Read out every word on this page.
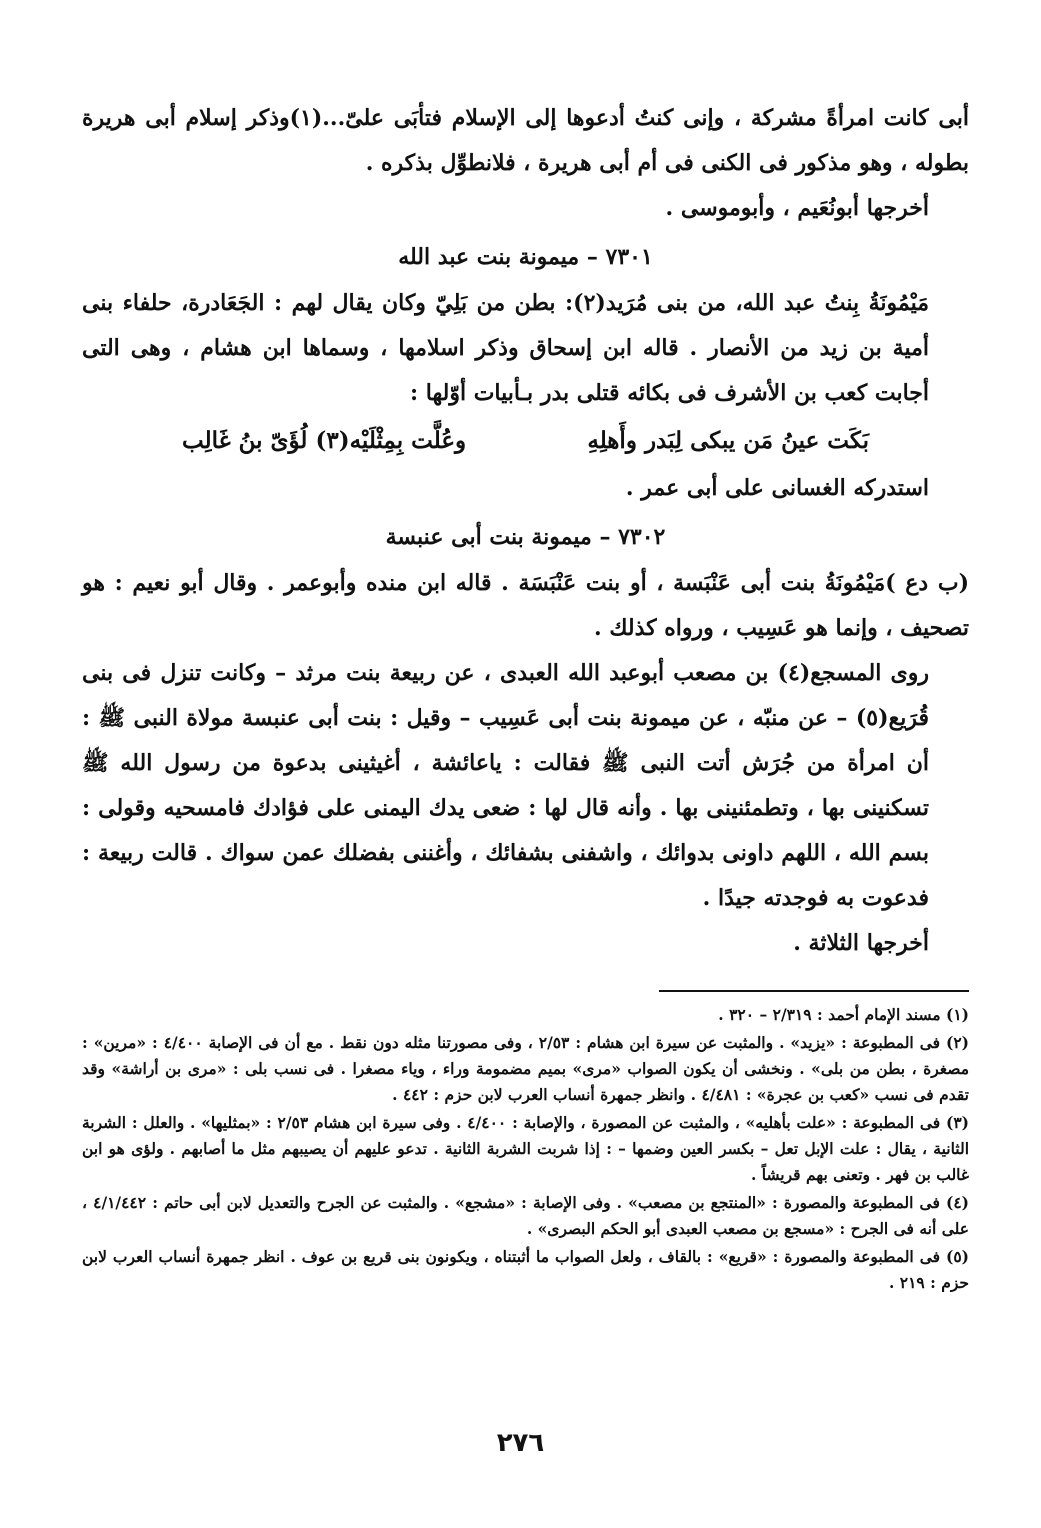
أبى كانت امرأةً مشركة ، وإنى كنتُ أدعوها إلى الإسلام فتأبَى علىّ...(١)وذكر إسلام أبى هريرة بطوله ، وهو مذكور فى الكنى فى أم أبى هريرة ، فلانطوِّل بذكره .

أخرجها أبونُعَيم ، وأبوموسى .

٧٣٠١ – ميمونة بنت عبد الله

مَيْمُونَةُ بِنتُ عبد الله، من بنى مُرَيد(٢): بطن من بَلِيّ وكان يقال لهم : الجَعَادرة، حلفاء بنى أمية بن زيد من الأنصار . قاله ابن إسحاق وذكر اسلامها ، وسماها ابن هشام ، وهى التى أجابت كعب بن الأشرف فى بكائه قتلى بدر بـأبيات أوّلها :

بَكَت عينُ مَن يبكى لِبَدر وأَهلِهِ
وعُلَّت بِمِثْلَيْه(٣) لُؤَىّ بنُ غَالِب

استدركه الغسانى على أبى عمر .

٧٣٠٢ – ميمونة بنت أبى عنبسة

(ب دع )مَيْمُونَةُ بنت أبى عَنْبَسة ، أو بنت عَنْبَسَة . قاله ابن منده وأبوعمر . وقال أبو نعيم : هو تصحيف ، وإنما هو عَسِيب ، ورواه كذلك .

روى المسجع(٤) بن مصعب أبوعبد الله العبدى ، عن ربيعة بنت مرثد – وكانت تنزل فى بنى قُرَيع(٥) – عن منبّه ، عن ميمونة بنت أبى عَسِيب – وقيل : بنت أبى عنبسة مولاة النبى ﷺ : أن امرأة من جُرَش أتت النبى ﷺ فقالت : ياعائشة ، أغيثينى بدعوة من رسول الله ﷺ تسكنينى بها ، وتطمئنينى بها . وأنه قال لها : ضعى يدك اليمنى على فؤادك فامسحيه وقولى : بسم الله ، اللهم داونى بدوائك ، واشفنى بشفائك ، وأغننى بفضلك عمن سواك . قالت ربيعة : فدعوت به فوجدته جيدًا .

أخرجها الثلاثة .

(١) مسند الإمام أحمد : ٢/٣١٩ – ٣٢٠ .

(٢) فى المطبوعة : «يزيد» . والمثبت عن سيرة ابن هشام : ٢/٥٣ ، وفى مصورتنا مثله دون نقط . مع أن فى الإصابة ٤/٤٠٠ : «مرين» : مصغرة ، بطن من بلى» . ونخشى أن يكون الصواب «مرى» بميم مضمومة وراء ، وياء مصغرا . فى نسب بلى : «مرى بن أراشة» وقد تقدم فى نسب «كعب بن عجرة» : ٤/٤٨١ . وانظر جمهرة أنساب العرب لابن حزم : ٤٤٢ .

(٣) فى المطبوعة : «علت بأهليه» ، والمثبت عن المصورة ، والإصابة : ٤/٤٠٠ . وفى سيرة ابن هشام ٢/٥٣ : «بمثليها» . والعلل : الشربة الثانية ، يقال : علت الإبل تعل – بكسر العين وضمها – : إذا شربت الشربة الثانية . تدعو عليهم أن يصيبهم مثل ما أصابهم . ولؤى هو ابن غالب بن فهر . وتعنى بهم قريشاً .

(٤) فى المطبوعة والمصورة : «المنتجع بن مصعب» . وفى الإصابة : «مشجع» . والمثبت عن الجرح والتعديل لابن أبى حاتم : ٤/١/٤٤٢ ، على أنه فى الجرح : «مسجع بن مصعب العبدى أبو الحكم البصرى» .

(٥) فى المطبوعة والمصورة : «قريع» : بالقاف ، ولعل الصواب ما أثبتناه ، ويكونون بنى قريع بن عوف . انظر جمهرة أنساب العرب لابن حزم : ٢١٩ .

٢٧٦
